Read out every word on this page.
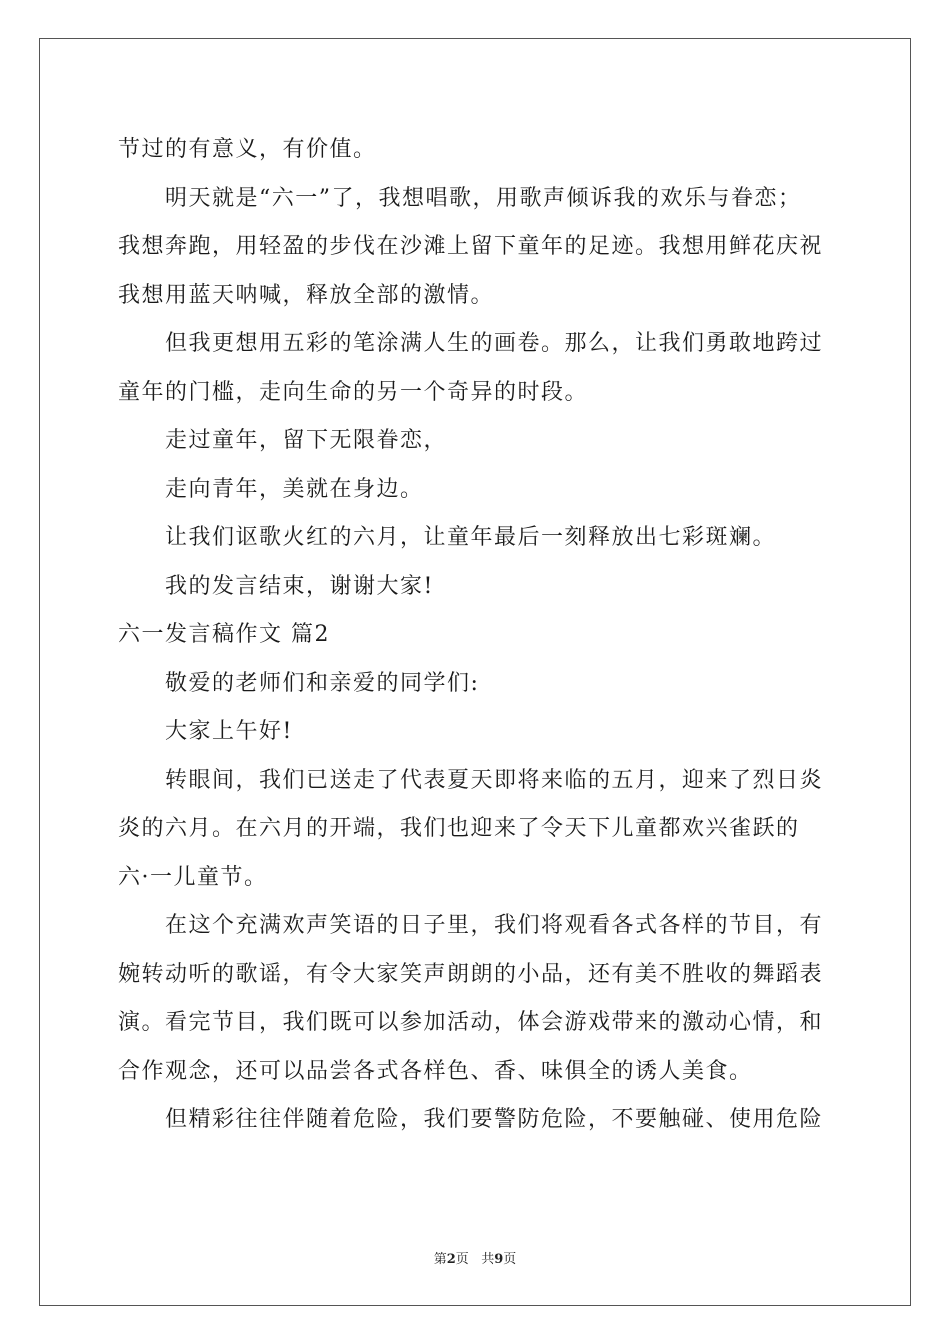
节过的有意义，有价值。
明天就是“六一”了，我想唱歌，用歌声倾诉我的欢乐与眷恋；
我想奔跑，用轻盈的步伐在沙滩上留下童年的足迹。我想用鲜花庆祝
我想用蓝天呐喊，释放全部的激情。
但我更想用五彩的笔涂满人生的画卷。那么，让我们勇敢地跨过
童年的门槛，走向生命的另一个奇异的时段。
走过童年，留下无限眷恋，
走向青年，美就在身边。
让我们讴歌火红的六月，让童年最后一刻释放出七彩斑斓。
我的发言结束，谢谢大家!
六一发言稿作文 篇2
敬爱的老师们和亲爱的同学们:
大家上午好!
转眼间，我们已送走了代表夏天即将来临的五月，迎来了烈日炎
炎的六月。在六月的开端，我们也迎来了令天下儿童都欢兴雀跃的
六·一儿童节。
在这个充满欢声笑语的日子里，我们将观看各式各样的节目，有
婉转动听的歌谣，有令大家笑声朗朗的小品，还有美不胜收的舞蹈表
演。看完节目，我们既可以参加活动，体会游戏带来的激动心情，和
合作观念，还可以品尝各式各样色、香、味俱全的诱人美食。
但精彩往往伴随着危险，我们要警防危险，不要触碰、使用危险
第2页 共9页
